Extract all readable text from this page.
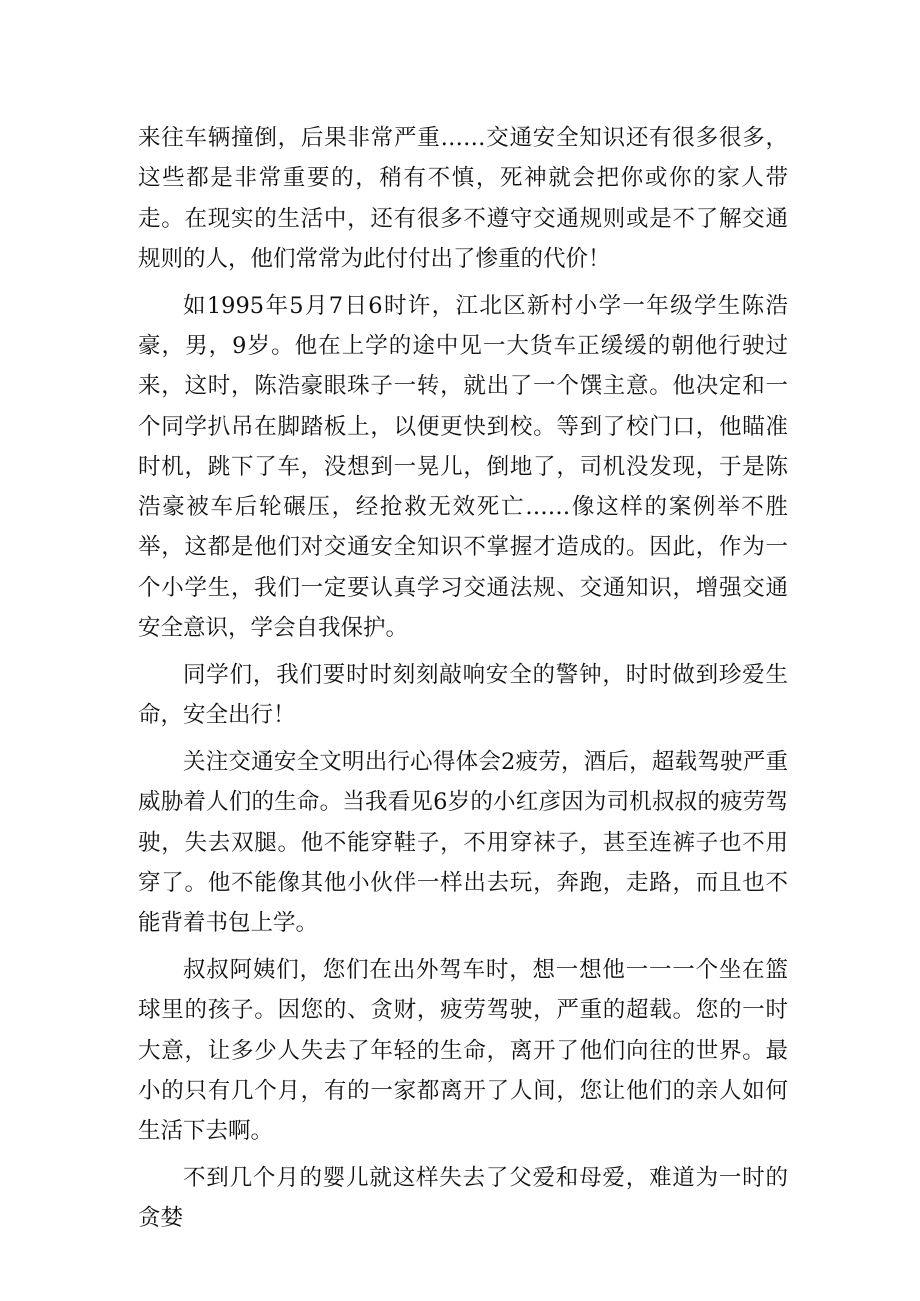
来往车辆撞倒，后果非常严重……交通安全知识还有很多很多，这些都是非常重要的，稍有不慎，死神就会把你或你的家人带走。在现实的生活中，还有很多不遵守交通规则或是不了解交通规则的人，他们常常为此付付出了惨重的代价！

如1995年5月7日6时许，江北区新村小学一年级学生陈浩豪，男，9岁。他在上学的途中见一大货车正缓缓的朝他行驶过来，这时，陈浩豪眼珠子一转，就出了一个馔主意。他决定和一个同学扒吊在脚踏板上，以便更快到校。等到了校门口，他瞄准时机，跳下了车，没想到一晃儿，倒地了，司机没发现，于是陈浩豪被车后轮碾压，经抢救无效死亡……像这样的案例举不胜举，这都是他们对交通安全知识不掌握才造成的。因此，作为一个小学生，我们一定要认真学习交通法规、交通知识，增强交通安全意识，学会自我保护。

同学们，我们要时时刻刻敲响安全的警钟，时时做到珍爱生命，安全出行！

关注交通安全文明出行心得体会2疲劳，酒后，超载驾驶严重威胁着人们的生命。当我看见6岁的小红彦因为司机叔叔的疲劳驾驶，失去双腿。他不能穿鞋子，不用穿袜子，甚至连裤子也不用穿了。他不能像其他小伙伴一样出去玩，奔跑，走路，而且也不能背着书包上学。

叔叔阿姨们，您们在出外驾车时，想一想他一一一个坐在篮球里的孩子。因您的、贪财，疲劳驾驶，严重的超载。您的一时大意，让多少人失去了年轻的生命，离开了他们向往的世界。最小的只有几个月，有的一家都离开了人间，您让他们的亲人如何生活下去啊。

不到几个月的婴儿就这样失去了父爱和母爱，难道为一时的贪婪
